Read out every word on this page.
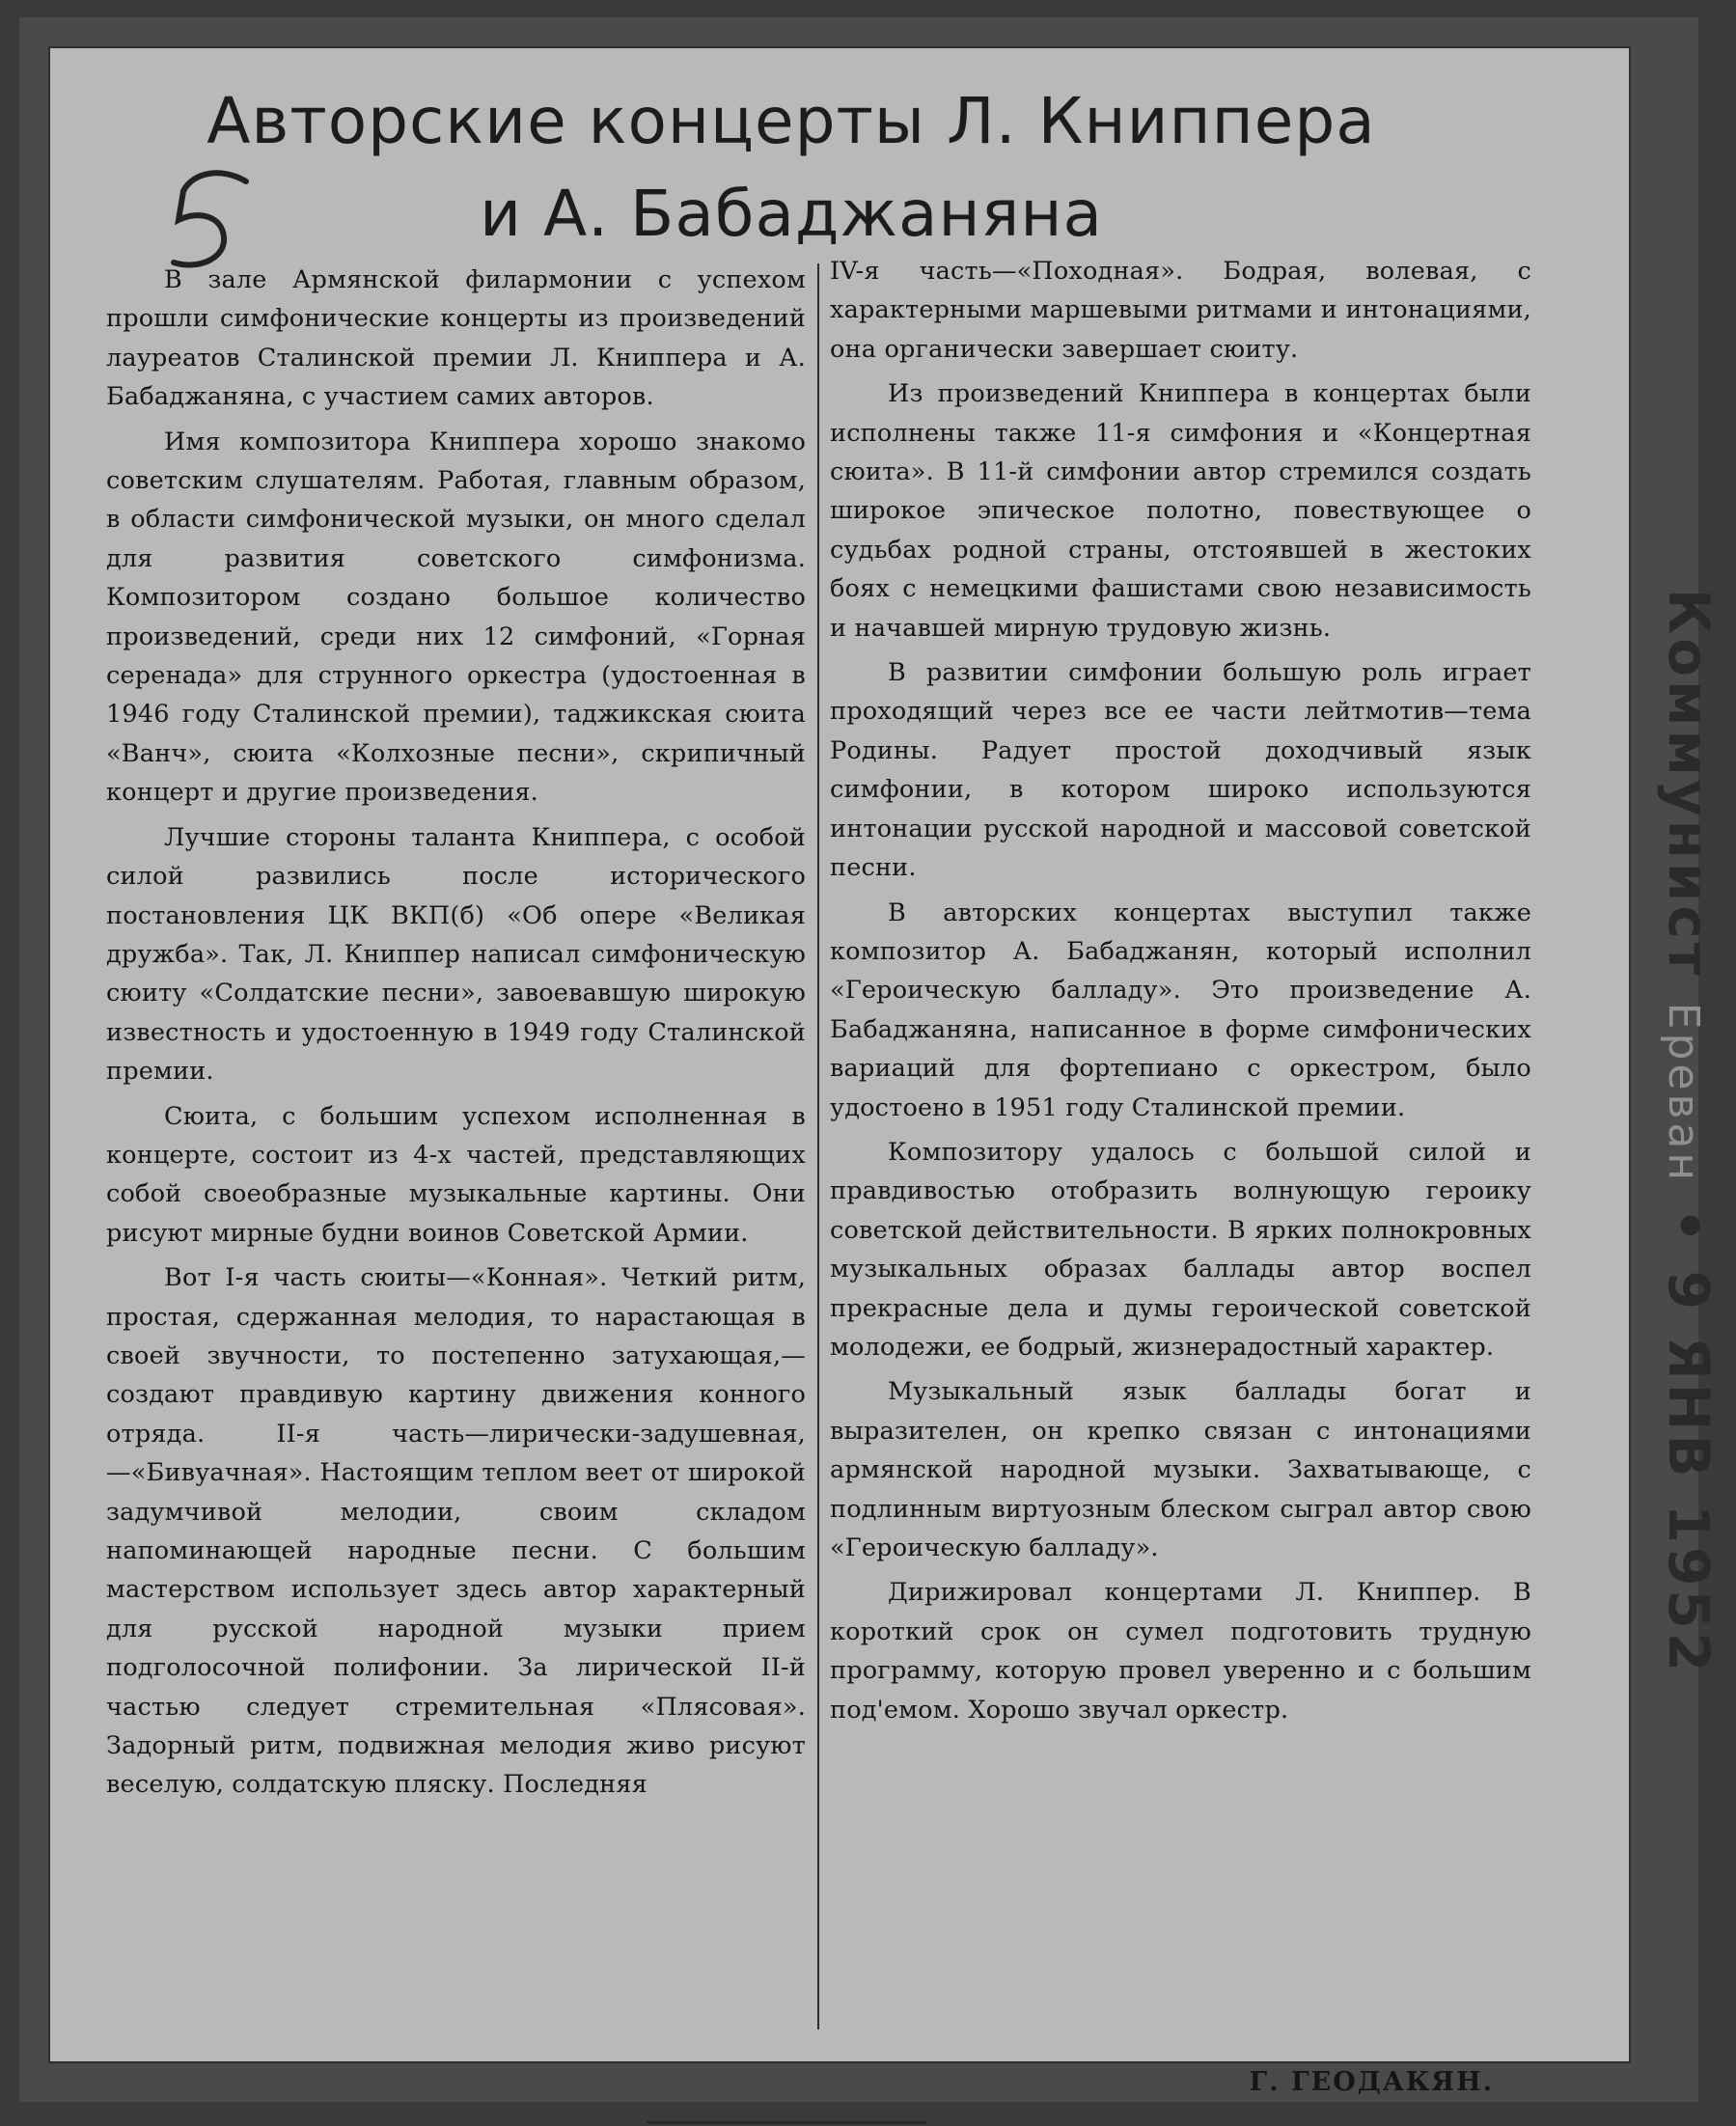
Авторские концерты Л. Книппера
и А. Бабаджаняна

В зале Армянской филармонии с успехом прошли симфонические концерты из произведений лауреатов Сталинской премии Л. Книппера и А. Бабаджаняна, с участием самих авторов.

Имя композитора Книппера хорошо знакомо советским слушателям. Работая, главным образом, в области симфонической музыки, он много сделал для развития советского симфонизма. Композитором создано большое количество произведений, среди них 12 симфоний, «Горная серенада» для струнного оркестра (удостоенная в 1946 году Сталинской премии), таджикская сюита «Ванч», сюита «Колхозные песни», скрипичный концерт и другие произведения.

Лучшие стороны таланта Книппера, с особой силой развились после исторического постановления ЦК ВКП(б) «Об опере «Великая дружба». Так, Л. Книппер написал симфоническую сюиту «Солдатские песни», завоевавшую широкую известность и удостоенную в 1949 году Сталинской премии.

Сюита, с большим успехом исполненная в концерте, состоит из 4-х частей, представляющих собой своеобразные музыкальные картины. Они рисуют мирные будни воинов Советской Армии.

Вот I-я часть сюиты—«Конная». Четкий ритм, простая, сдержанная мелодия, то нарастающая в своей звучности, то постепенно затухающая,—создают правдивую картину движения конного отряда. II-я часть—лирически-задушевная,—«Бивуачная». Настоящим теплом веет от широкой задумчивой мелодии, своим складом напоминающей народные песни. С большим мастерством использует здесь автор характерный для русской народной музыки прием подголосочной полифонии. За лирической II-й частью следует стремительная «Плясовая». Задорный ритм, подвижная мелодия живо рисуют веселую, солдатскую пляску. Последняя

IV-я часть—«Походная». Бодрая, волевая, с характерными маршевыми ритмами и интонациями, она органически завершает сюиту.

Из произведений Книппера в концертах были исполнены также 11-я симфония и «Концертная сюита». В 11-й симфонии автор стремился создать широкое эпическое полотно, повествующее о судьбах родной страны, отстоявшей в жестоких боях с немецкими фашистами свою независимость и начавшей мирную трудовую жизнь.

В развитии симфонии большую роль играет проходящий через все ее части лейтмотив—тема Родины. Радует простой доходчивый язык симфонии, в котором широко используются интонации русской народной и массовой советской песни.

В авторских концертах выступил также композитор А. Бабаджанян, который исполнил «Героическую балладу». Это произведение А. Бабаджаняна, написанное в форме симфонических вариаций для фортепиано с оркестром, было удостоено в 1951 году Сталинской премии.

Композитору удалось с большой силой и правдивостью отобразить волнующую героику советской действительности. В ярких полнокровных музыкальных образах баллады автор воспел прекрасные дела и думы героической советской молодежи, ее бодрый, жизнерадостный характер.

Музыкальный язык баллады богат и выразителен, он крепко связан с интонациями армянской народной музыки. Захватывающе, с подлинным виртуозным блеском сыграл автор свою «Героическую балладу».

Дирижировал концертами Л. Книппер. В короткий срок он сумел подготовить трудную программу, которую провел уверенно и с большим под'емом. Хорошо звучал оркестр.

Г. ГЕОДАКЯН.

Коммунист Ереван • 9 ЯНВ 1952
